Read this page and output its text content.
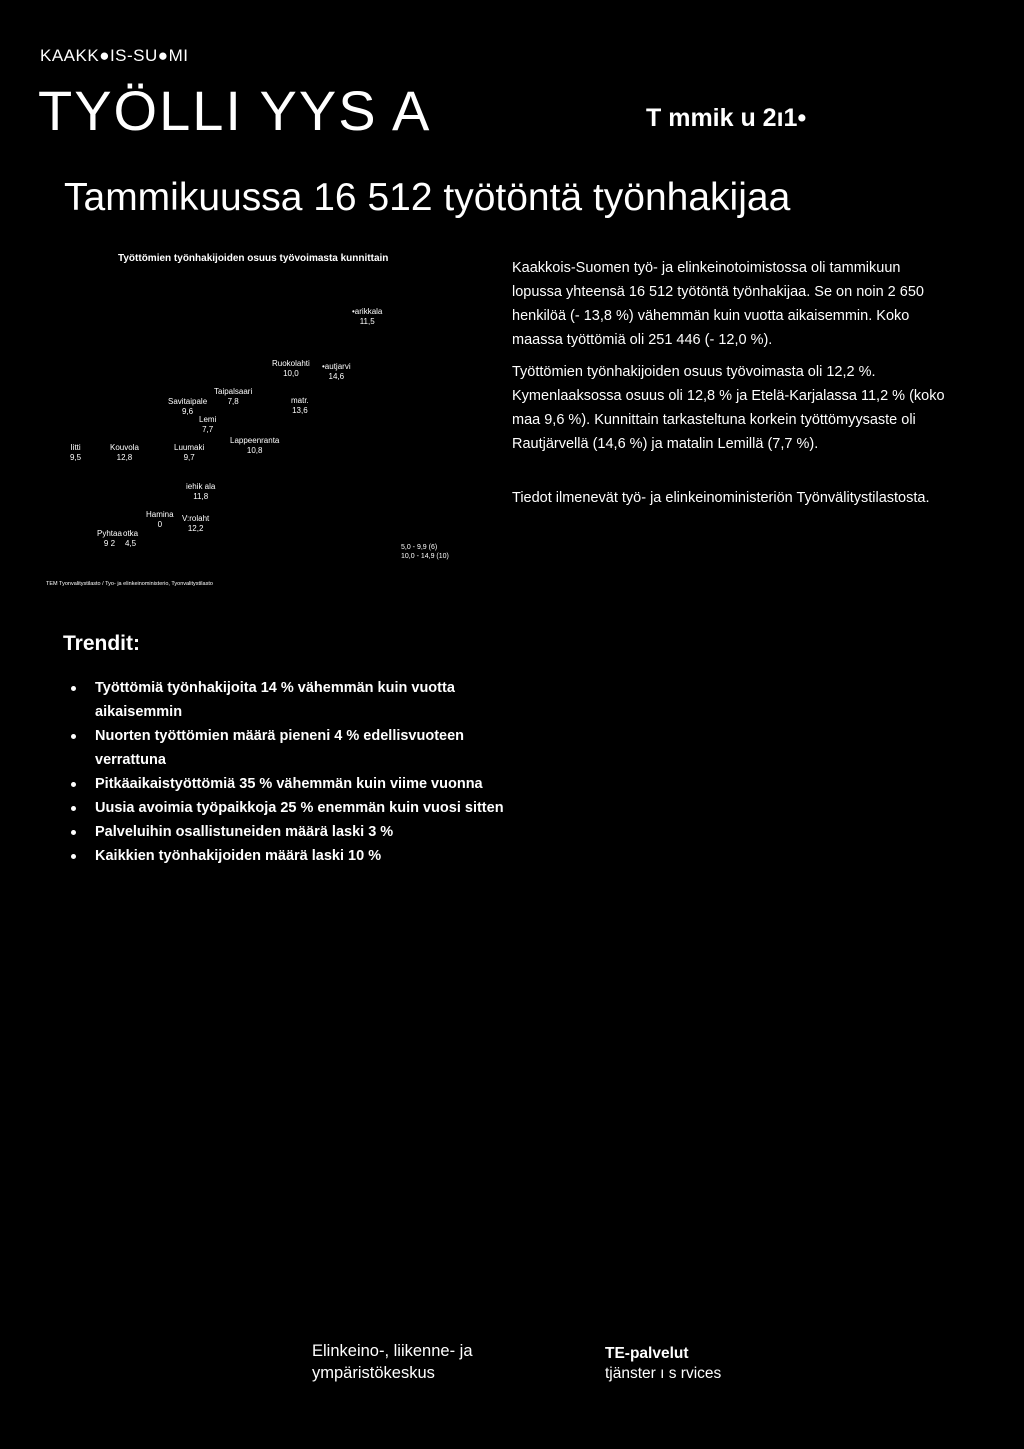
KAAKK●IS-SU●MI
TYÖLLI YYS A	T mmik u 2ı1•
Tammikuussa 16 512 työtöntä työnhakijaa
Työttömien työnhakijoiden osuus työvoimasta kunnittain
•arikkala
11,5
Ruokolahti
10,0
•autjarvi
14,6
Taipalsaari
7,8
Savitaipale
9,6
Lemi
7,7
Lappeenranta
10,8
matr.
13,6
Luumaki
9,7
Kouvola
12,8
Iitti
9,5
iehik ala
11,8
Hamina
0
V:rolaht
12,2
Pyhtaa
9 2
otka
4,5	5,0 - 9,9 (6)
10,0 - 14,9 (10)
TEM Tyonvalitystilasto / Tyo- ja elinkeinoministerio, Tyonvalitystilasto
Kaakkois-Suomen työ- ja elinkeinotoimistossa oli tammikuun lopussa yhteensä 16 512 työtöntä työnhakijaa. Se on noin 2 650 henkilöä (- 13,8 %) vähemmän kuin vuotta aikaisemmin. Koko maassa työttömiä oli 251 446 (- 12,0 %).
Työttömien työnhakijoiden osuus työvoimasta oli 12,2 %. Kymenlaaksossa osuus oli 12,8 % ja Etelä-Karjalassa 11,2 % (koko maa 9,6 %). Kunnittain tarkasteltuna korkein työttömyysaste oli Rautjärvellä (14,6 %) ja matalin Lemillä (7,7 %).
Tiedot ilmenevät työ- ja elinkeinoministeriön Työnvälitystilastosta.
Trendit:
Työttömiä työnhakijoita 14 % vähemmän kuin vuotta aikaisemmin
Nuorten työttömien määrä pieneni 4 % edellisvuoteen verrattuna
Pitkäaikaistyöttömiä 35 % vähemmän kuin viime vuonna
Uusia avoimia työpaikkoja 25 % enemmän kuin vuosi sitten
Palveluihin osallistuneiden määrä laski 3 %
Kaikkien työnhakijoiden määrä laski 10 %
Elinkeino-, liikenne- ja
ympäristökeskus
TE-palvelut
tjänster ı s rvices
